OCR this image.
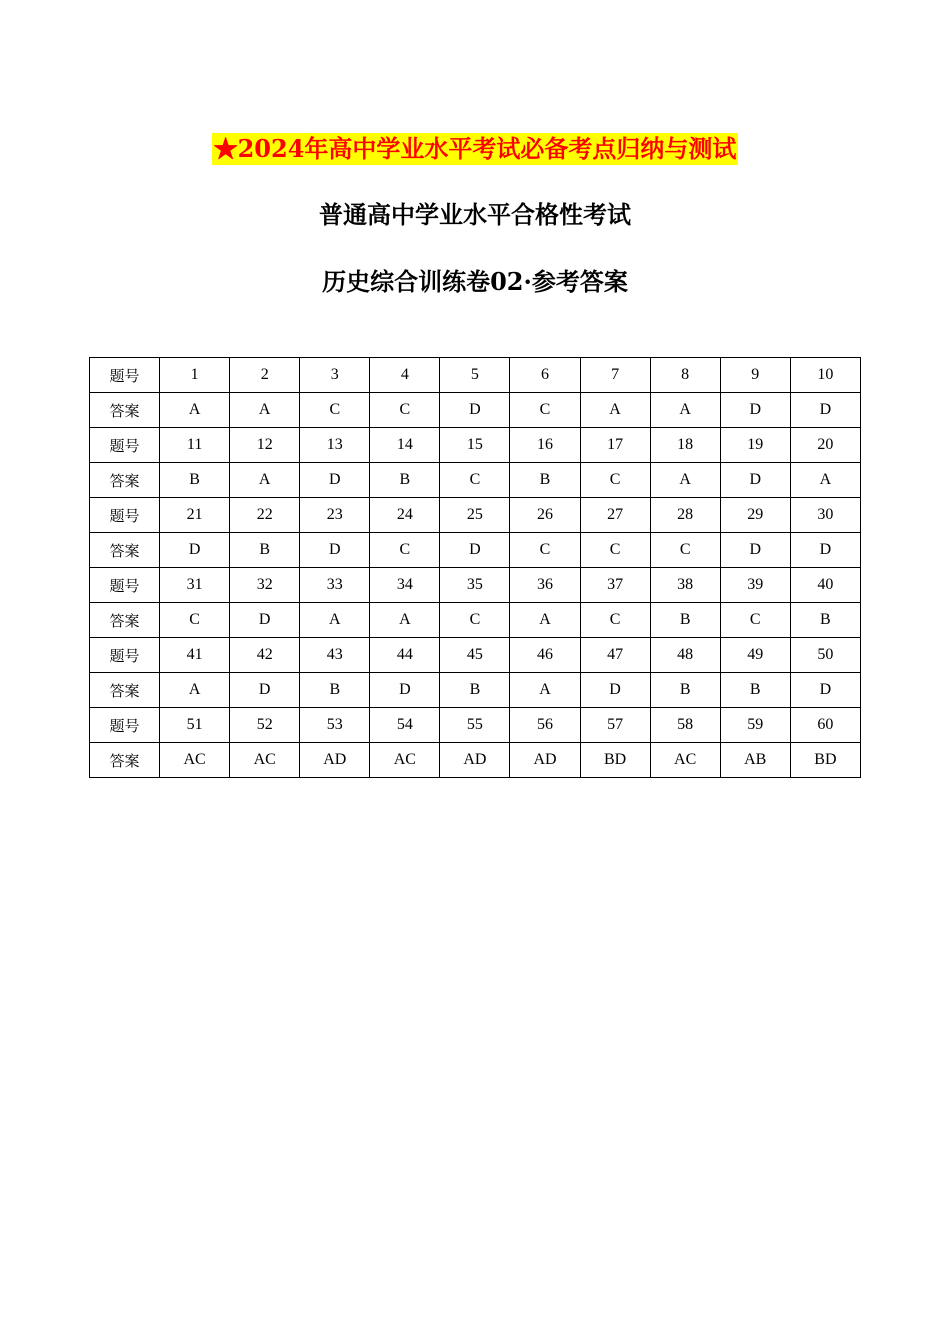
★2024年高中学业水平考试必备考点归纳与测试
普通高中学业水平合格性考试
历史综合训练卷02·参考答案
题号	1	2	3	4	5	6	7	8	9	10
答案	A	A	C	C	D	C	A	A	D	D
题号	11	12	13	14	15	16	17	18	19	20
答案	B	A	D	B	C	B	C	A	D	A
题号	21	22	23	24	25	26	27	28	29	30
答案	D	B	D	C	D	C	C	C	D	D
题号	31	32	33	34	35	36	37	38	39	40
答案	C	D	A	A	C	A	C	B	C	B
题号	41	42	43	44	45	46	47	48	49	50
答案	A	D	B	D	B	A	D	B	B	D
题号	51	52	53	54	55	56	57	58	59	60
答案	AC	AC	AD	AC	AD	AD	BD	AC	AB	BD
